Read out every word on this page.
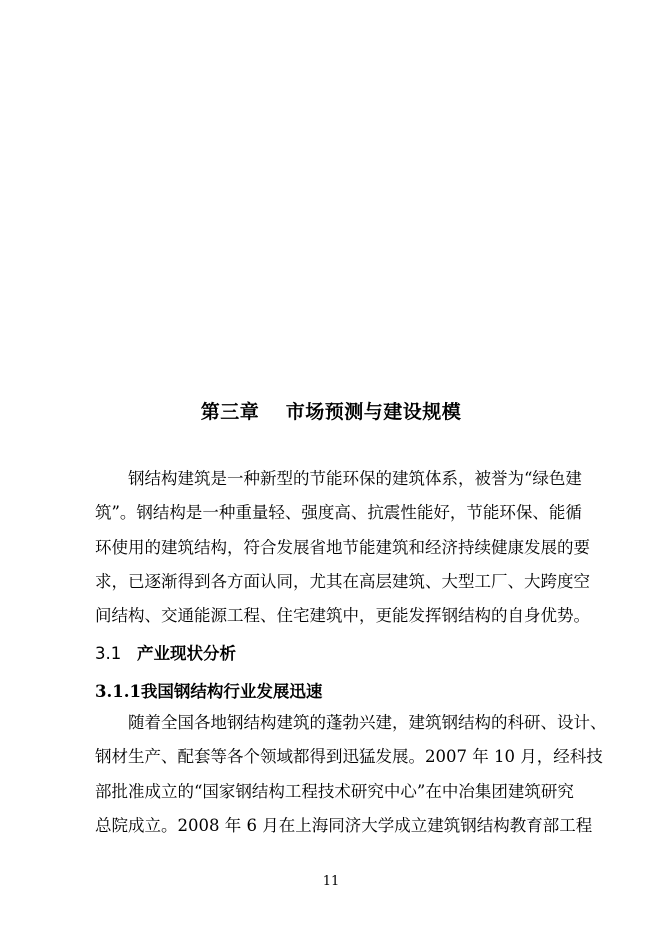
第三章　 市场预测与建设规模
钢结构建筑是一种新型的节能环保的建筑体系，被誉为“绿色建
筑”。钢结构是一种重量轻、强度高、抗震性能好，节能环保、能循
环使用的建筑结构，符合发展省地节能建筑和经济持续健康发展的要
求，已逐渐得到各方面认同，尤其在高层建筑、大型工厂、大跨度空
间结构、交通能源工程、住宅建筑中，更能发挥钢结构的自身优势。
3.1 产业现状分析
3.1.1我国钢结构行业发展迅速
随着全国各地钢结构建筑的蓬勃兴建，建筑钢结构的科研、设计、
钢材生产、配套等各个领域都得到迅猛发展。2007 年 10 月，经科技
部批准成立的“国家钢结构工程技术研究中心”在中冶集团建筑研究
总院成立。2008 年 6 月在上海同济大学成立建筑钢结构教育部工程
11
